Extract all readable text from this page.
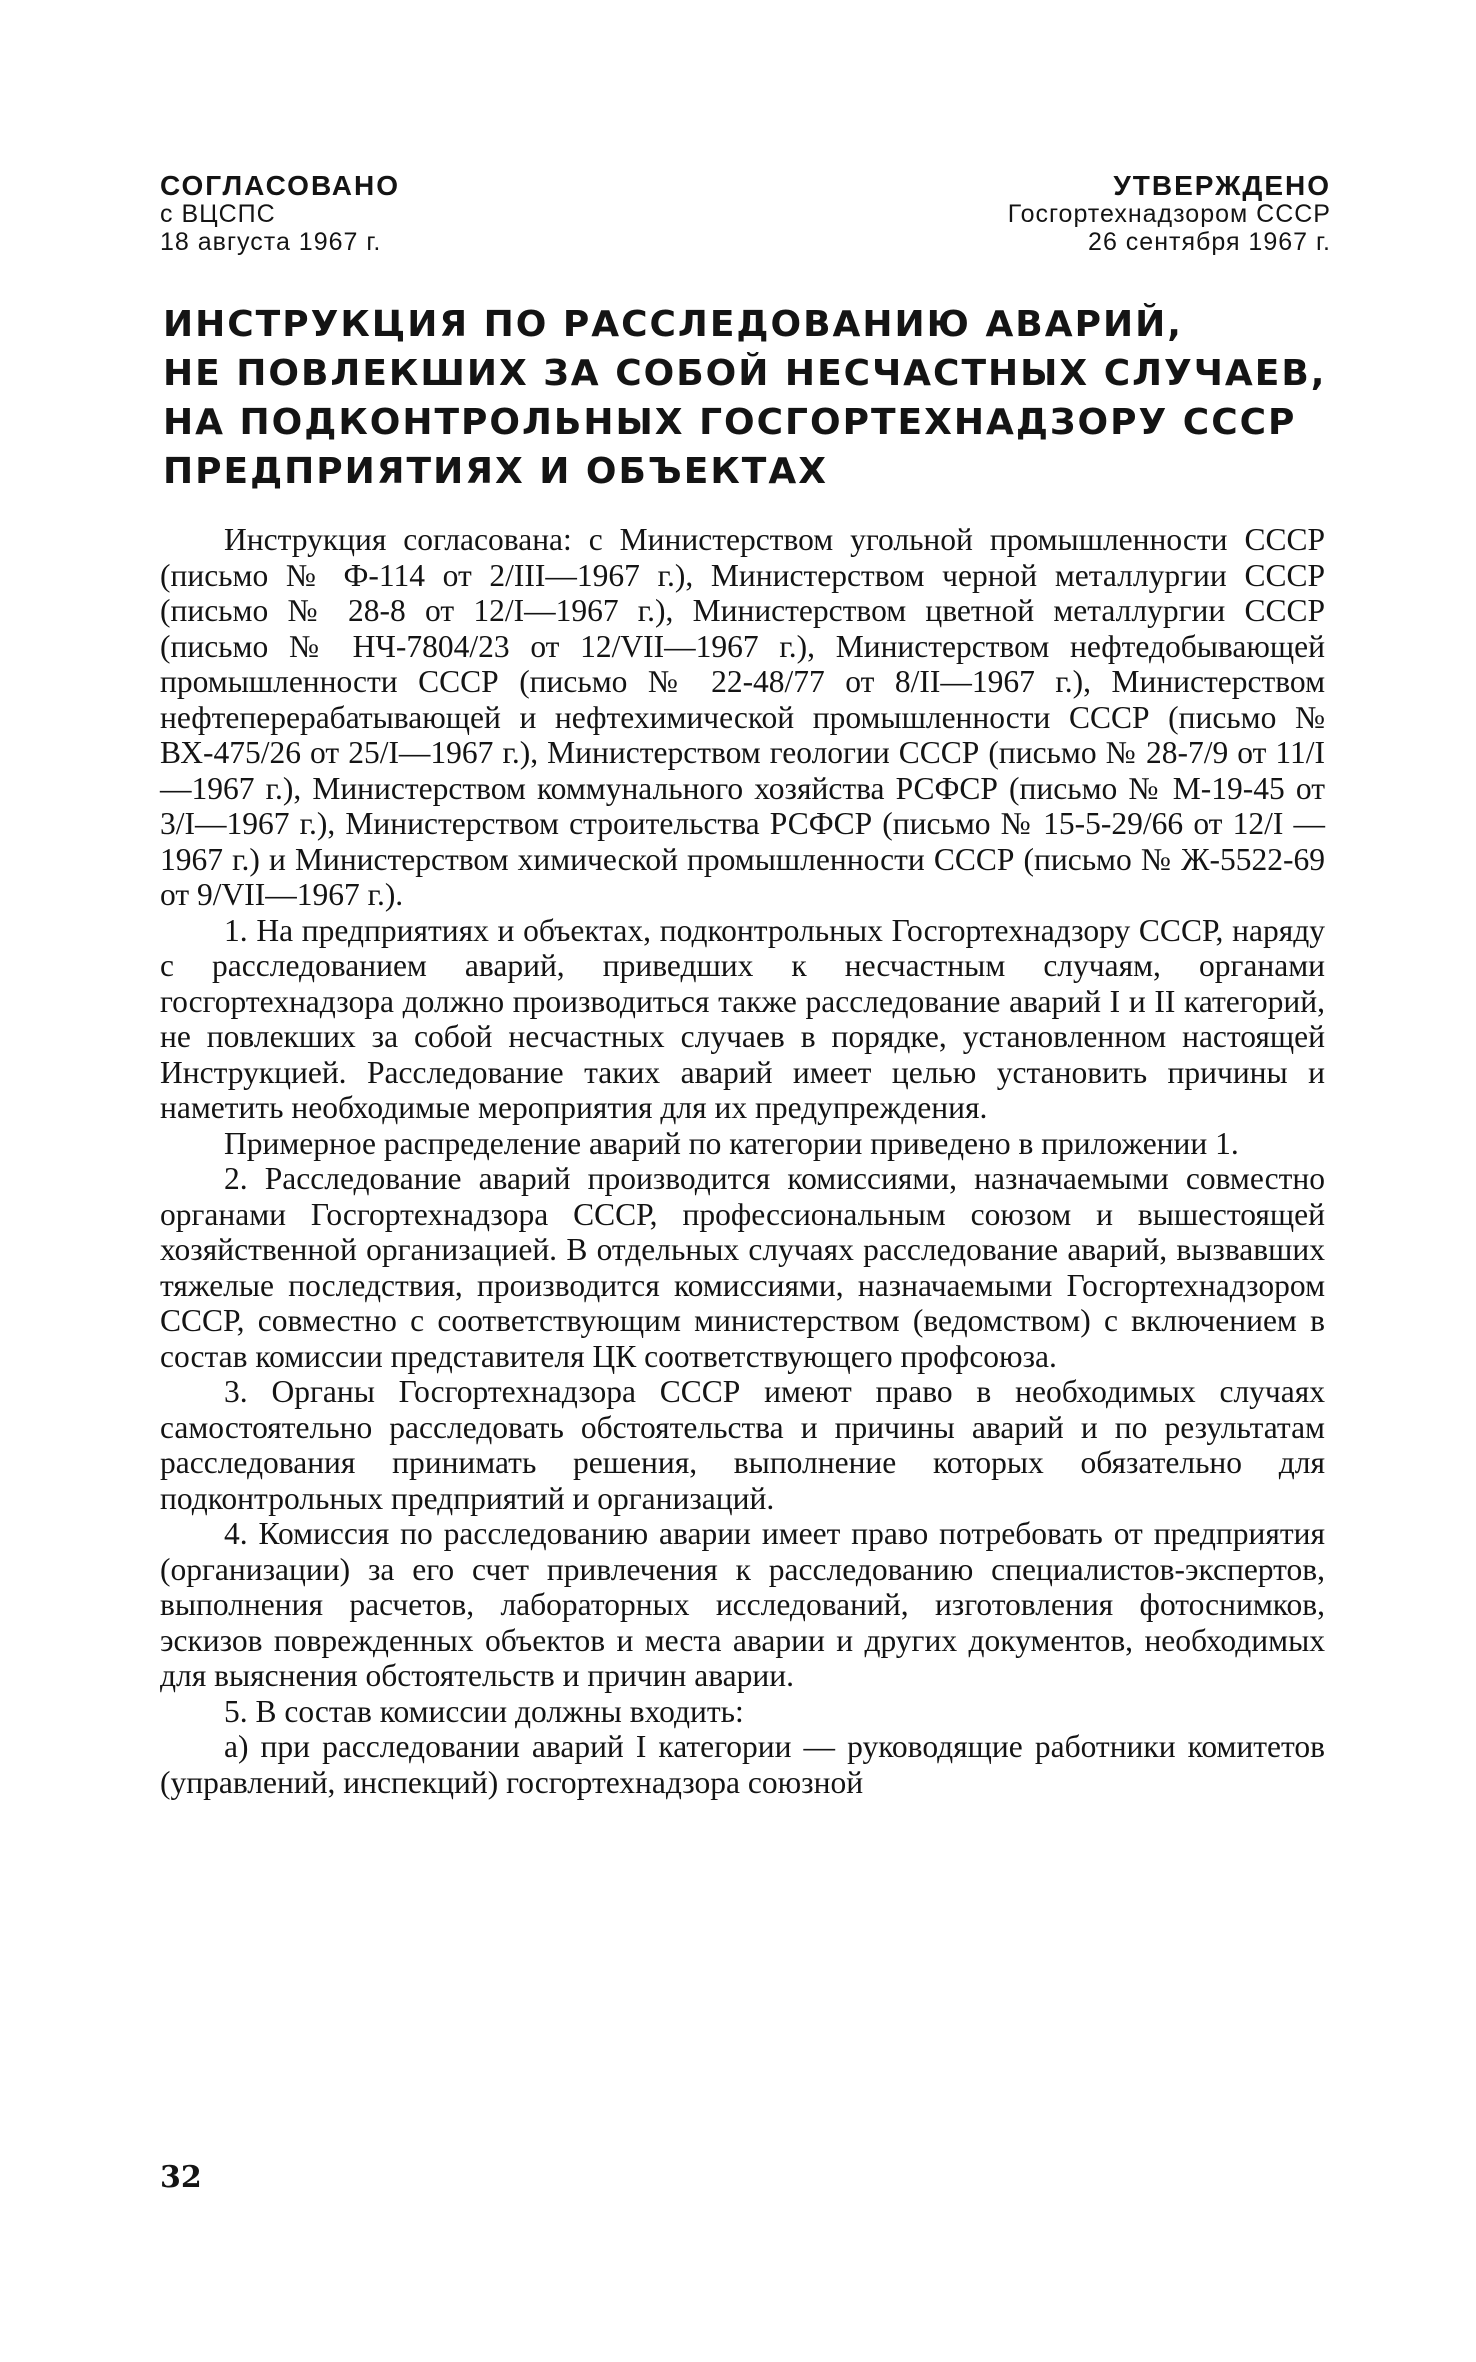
СОГЛАСОВАНО
с ВЦСПС
18 августа 1967 г.
УТВЕРЖДЕНО
Госгортехнадзором СССР
26 сентября 1967 г.
ИНСТРУКЦИЯ ПО РАССЛЕДОВАНИЮ АВАРИЙ,
НЕ ПОВЛЕКШИХ ЗА СОБОЙ НЕСЧАСТНЫХ СЛУЧАЕВ,
НА ПОДКОНТРОЛЬНЫХ ГОСГОРТЕХНАДЗОРУ СССР
ПРЕДПРИЯТИЯХ И ОБЪЕКТАХ

Инструкция согласована: с Министерством угольной промышленности СССР (письмо № Ф-114 от 2/III—1967 г.), Министерством черной металлургии СССР (письмо № 28-8 от 12/I—1967 г.), Министерством цветной металлургии СССР (письмо № НЧ-7804/23 от 12/VII—1967 г.), Министерством нефтедобывающей промышленности СССР (письмо № 22-48/77 от 8/II—1967 г.), Министерством нефтеперерабатывающей и нефтехимической промышленности СССР (письмо № ВХ-475/26 от 25/I—1967 г.), Министерством геологии СССР (письмо № 28-7/9 от 11/I—1967 г.), Министерством коммунального хозяйства РСФСР (письмо № М-19-45 от 3/I—1967 г.), Министерством строительства РСФСР (письмо № 15-5-29/66 от 12/I — 1967 г.) и Министерством химической промышленности СССР (письмо № Ж-5522-69 от 9/VII—1967 г.).

1. На предприятиях и объектах, подконтрольных Госгортехнадзору СССР, наряду с расследованием аварий, приведших к несчастным случаям, органами госгортехнадзора должно производиться также расследование аварий I и II категорий, не повлекших за собой несчастных случаев в порядке, установленном настоящей Инструкцией. Расследование таких аварий имеет целью установить причины и наметить необходимые мероприятия для их предупреждения.

Примерное распределение аварий по категории приведено в приложении 1.

2. Расследование аварий производится комиссиями, назначаемыми совместно органами Госгортехнадзора СССР, профессиональным союзом и вышестоящей хозяйственной организацией. В отдельных случаях расследование аварий, вызвавших тяжелые последствия, производится комиссиями, назначаемыми Госгортехнадзором СССР, совместно с соответствующим министерством (ведомством) с включением в состав комиссии представителя ЦК соответствующего профсоюза.

3. Органы Госгортехнадзора СССР имеют право в необходимых случаях самостоятельно расследовать обстоятельства и причины аварий и по результатам расследования принимать решения, выполнение которых обязательно для подконтрольных предприятий и организаций.

4. Комиссия по расследованию аварии имеет право потребовать от предприятия (организации) за его счет привлечения к расследованию специалистов-экспертов, выполнения расчетов, лабораторных исследований, изготовления фотоснимков, эскизов поврежденных объектов и места аварии и других документов, необходимых для выяснения обстоятельств и причин аварии.

5. В состав комиссии должны входить:

а) при расследовании аварий I категории — руководящие работники комитетов (управлений, инспекций) госгортехнадзора союзной

32
